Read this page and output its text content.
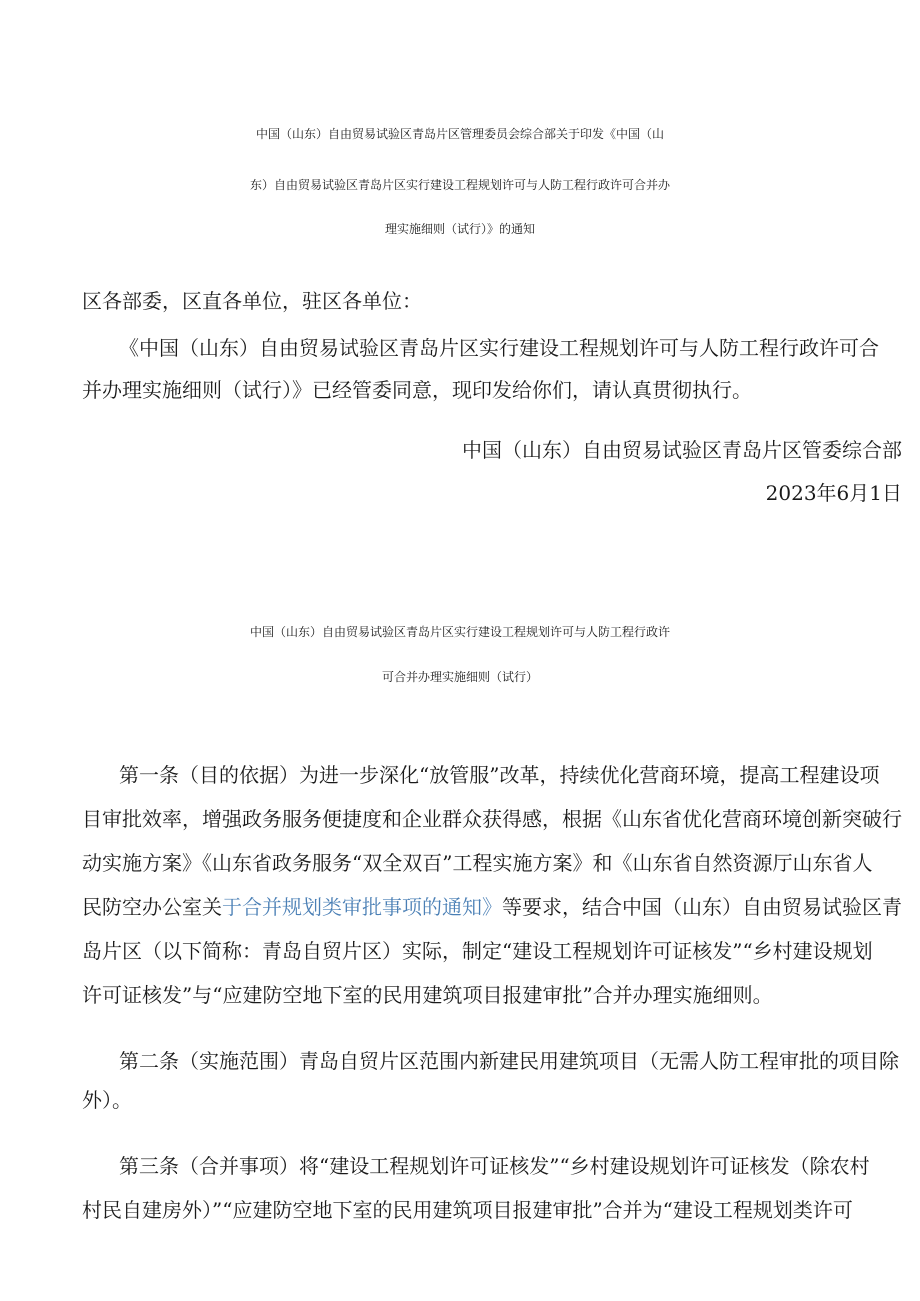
中国（山东）自由贸易试验区青岛片区管理委员会综合部关于印发《中国（山
东）自由贸易试验区青岛片区实行建设工程规划许可与人防工程行政许可合并办
理实施细则（试行）》的通知
区各部委，区直各单位，驻区各单位：
《中国（山东）自由贸易试验区青岛片区实行建设工程规划许可与人防工程行政许可合
并办理实施细则（试行）》已经管委同意，现印发给你们，请认真贯彻执行。
中国（山东）自由贸易试验区青岛片区管委综合部
2023年6月1日
中国（山东）自由贸易试验区青岛片区实行建设工程规划许可与人防工程行政许
可合并办理实施细则（试行）
第一条（目的依据）为进一步深化“放管服”改革，持续优化营商环境，提高工程建设项
目审批效率，增强政务服务便捷度和企业群众获得感，根据《山东省优化营商环境创新突破行
动实施方案》《山东省政务服务“双全双百”工程实施方案》和《山东省自然资源厅山东省人
民防空办公室关于合并规划类审批事项的通知》等要求，结合中国（山东）自由贸易试验区青
岛片区（以下简称：青岛自贸片区）实际，制定“建设工程规划许可证核发”“乡村建设规划
许可证核发”与“应建防空地下室的民用建筑项目报建审批”合并办理实施细则。
第二条（实施范围）青岛自贸片区范围内新建民用建筑项目（无需人防工程审批的项目除
外）。
第三条（合并事项）将“建设工程规划许可证核发”“乡村建设规划许可证核发（除农村
村民自建房外）”“应建防空地下室的民用建筑项目报建审批”合并为“建设工程规划类许可
